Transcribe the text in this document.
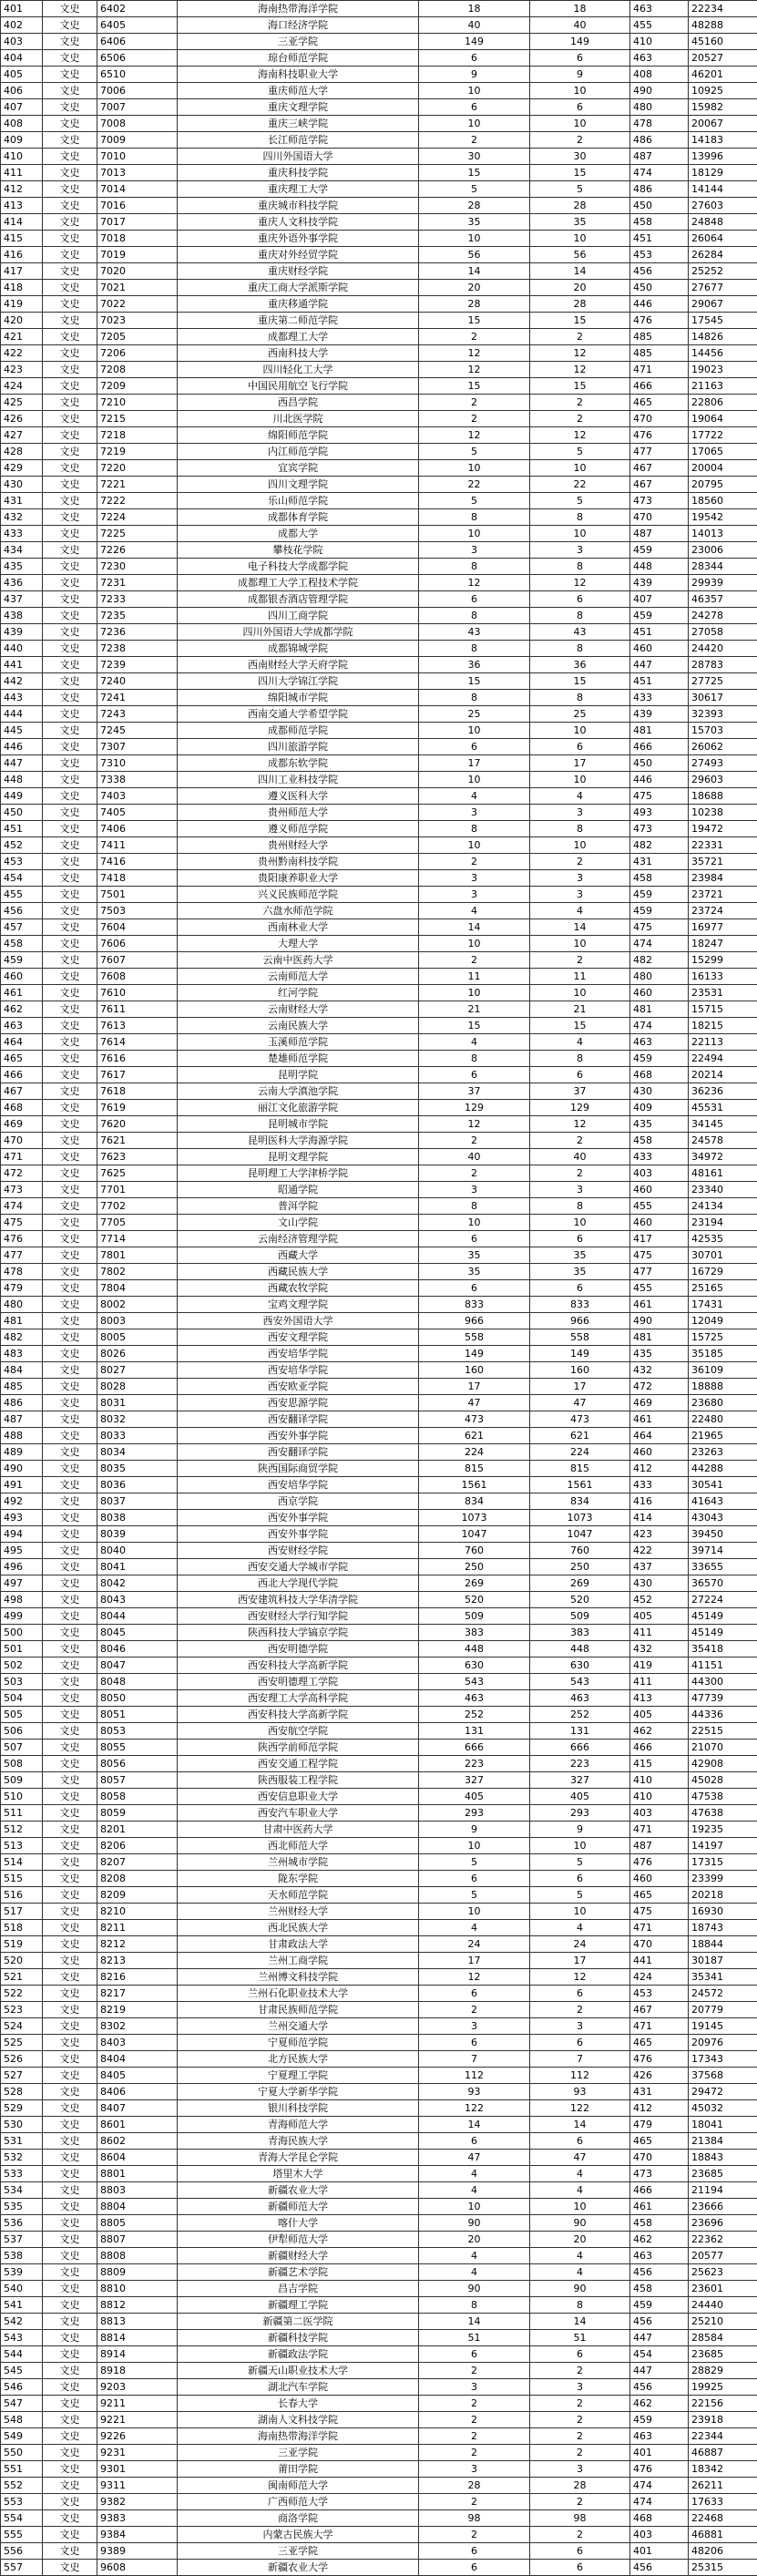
401	文史	6402	海南热带海洋学院	18	18	463	22234
402	文史	6405	海口经济学院	40	40	455	48288
403	文史	6406	三亚学院	149	149	410	45160
404	文史	6506	琼台师范学院	6	6	463	20527
405	文史	6510	海南科技职业大学	9	9	408	46201
406	文史	7006	重庆师范大学	10	10	490	10925
407	文史	7007	重庆文理学院	6	6	480	15982
408	文史	7008	重庆三峡学院	10	10	478	20067
409	文史	7009	长江师范学院	2	2	486	14183
410	文史	7010	四川外国语大学	30	30	487	13996
411	文史	7013	重庆科技学院	15	15	474	18129
412	文史	7014	重庆理工大学	5	5	486	14144
413	文史	7016	重庆城市科技学院	28	28	450	27603
414	文史	7017	重庆人文科技学院	35	35	458	24848
415	文史	7018	重庆外语外事学院	10	10	451	26064
416	文史	7019	重庆对外经贸学院	56	56	453	26284
417	文史	7020	重庆财经学院	14	14	456	25252
418	文史	7021	重庆工商大学派斯学院	20	20	450	27677
419	文史	7022	重庆移通学院	28	28	446	29067
420	文史	7023	重庆第二师范学院	15	15	476	17545
421	文史	7205	成都理工大学	2	2	485	14826
422	文史	7206	西南科技大学	12	12	485	14456
423	文史	7208	四川轻化工大学	12	12	471	19023
424	文史	7209	中国民用航空飞行学院	15	15	466	21163
425	文史	7210	西昌学院	2	2	465	22806
426	文史	7215	川北医学院	2	2	470	19064
427	文史	7218	绵阳师范学院	12	12	476	17722
428	文史	7219	内江师范学院	5	5	477	17065
429	文史	7220	宜宾学院	10	10	467	20004
430	文史	7221	四川文理学院	22	22	467	20795
431	文史	7222	乐山师范学院	5	5	473	18560
432	文史	7224	成都体育学院	8	8	470	19542
433	文史	7225	成都大学	10	10	487	14013
434	文史	7226	攀枝花学院	3	3	459	23006
435	文史	7230	电子科技大学成都学院	8	8	448	28344
436	文史	7231	成都理工大学工程技术学院	12	12	439	29939
437	文史	7233	成都银杏酒店管理学院	6	6	407	46357
438	文史	7235	四川工商学院	8	8	459	24278
439	文史	7236	四川外国语大学成都学院	43	43	451	27058
440	文史	7238	成都锦城学院	8	8	460	24420
441	文史	7239	西南财经大学天府学院	36	36	447	28783
442	文史	7240	四川大学锦江学院	15	15	451	27725
443	文史	7241	绵阳城市学院	8	8	433	30617
444	文史	7243	西南交通大学希望学院	25	25	439	32393
445	文史	7245	成都师范学院	10	10	481	15703
446	文史	7307	四川旅游学院	6	6	466	26062
447	文史	7310	成都东软学院	17	17	450	27493
448	文史	7338	四川工业科技学院	10	10	446	29603
449	文史	7403	遵义医科大学	4	4	475	18688
450	文史	7405	贵州师范大学	3	3	493	10238
451	文史	7406	遵义师范学院	8	8	473	19472
452	文史	7411	贵州财经大学	10	10	482	22331
453	文史	7416	贵州黔南科技学院	2	2	431	35721
454	文史	7418	贵阳康养职业大学	3	3	458	23984
455	文史	7501	兴义民族师范学院	3	3	459	23721
456	文史	7503	六盘水师范学院	4	4	459	23724
457	文史	7604	西南林业大学	14	14	475	16977
458	文史	7606	大理大学	10	10	474	18247
459	文史	7607	云南中医药大学	2	2	482	15299
460	文史	7608	云南师范大学	11	11	480	16133
461	文史	7610	红河学院	10	10	460	23531
462	文史	7611	云南财经大学	21	21	481	15715
463	文史	7613	云南民族大学	15	15	474	18215
464	文史	7614	玉溪师范学院	4	4	463	22113
465	文史	7616	楚雄师范学院	8	8	459	22494
466	文史	7617	昆明学院	6	6	468	20214
467	文史	7618	云南大学滇池学院	37	37	430	36236
468	文史	7619	丽江文化旅游学院	129	129	409	45531
469	文史	7620	昆明城市学院	12	12	435	34145
470	文史	7621	昆明医科大学海源学院	2	2	458	24578
471	文史	7623	昆明文理学院	40	40	433	34972
472	文史	7625	昆明理工大学津桥学院	2	2	403	48161
473	文史	7701	昭通学院	3	3	460	23340
474	文史	7702	普洱学院	8	8	455	24134
475	文史	7705	文山学院	10	10	460	23194
476	文史	7714	云南经济管理学院	6	6	417	42535
477	文史	7801	西藏大学	35	35	475	30701
478	文史	7802	西藏民族大学	35	35	477	16729
479	文史	7804	西藏农牧学院	6	6	455	25165
480	文史	8002	宝鸡文理学院	833	833	461	17431
481	文史	8003	西安外国语大学	966	966	490	12049
482	文史	8005	西安文理学院	558	558	481	15725
483	文史	8026	西安培华学院	149	149	435	35185
484	文史	8027	西安培华学院	160	160	432	36109
485	文史	8028	西安欧亚学院	17	17	472	18888
486	文史	8031	西安思源学院	47	47	469	23680
487	文史	8032	西安翻译学院	473	473	461	22480
488	文史	8033	西安外事学院	621	621	464	21965
489	文史	8034	西安翻译学院	224	224	460	23263
490	文史	8035	陕西国际商贸学院	815	815	412	44288
491	文史	8036	西安培华学院	1561	1561	433	30541
492	文史	8037	西京学院	834	834	416	41643
493	文史	8038	西安外事学院	1073	1073	414	43043
494	文史	8039	西安外事学院	1047	1047	423	39450
495	文史	8040	西安财经学院	760	760	422	39714
496	文史	8041	西安交通大学城市学院	250	250	437	33655
497	文史	8042	西北大学现代学院	269	269	430	36570
498	文史	8043	西安建筑科技大学华清学院	520	520	452	27224
499	文史	8044	西安财经大学行知学院	509	509	405	45149
500	文史	8045	陕西科技大学镐京学院	383	383	411	45149
501	文史	8046	西安明德学院	448	448	432	35418
502	文史	8047	西安科技大学高新学院	630	630	419	41151
503	文史	8048	西安明德理工学院	543	543	411	44300
504	文史	8050	西安理工大学高科学院	463	463	413	47739
505	文史	8051	西安科技大学高新学院	252	252	405	44336
506	文史	8053	西安航空学院	131	131	462	22515
507	文史	8055	陕西学前师范学院	666	666	466	21070
508	文史	8056	西安交通工程学院	223	223	415	42908
509	文史	8057	陕西服装工程学院	327	327	410	45028
510	文史	8058	西安信息职业大学	405	405	410	47538
511	文史	8059	西安汽车职业大学	293	293	403	47638
512	文史	8201	甘肃中医药大学	9	9	471	19235
513	文史	8206	西北师范大学	10	10	487	14197
514	文史	8207	兰州城市学院	5	5	476	17315
515	文史	8208	陇东学院	6	6	460	23399
516	文史	8209	天水师范学院	5	5	465	20218
517	文史	8210	兰州财经大学	10	10	475	16930
518	文史	8211	西北民族大学	4	4	471	18743
519	文史	8212	甘肃政法大学	24	24	470	18844
520	文史	8213	兰州工商学院	17	17	441	30187
521	文史	8216	兰州博文科技学院	12	12	424	35341
522	文史	8217	兰州石化职业技术大学	6	6	453	24572
523	文史	8219	甘肃民族师范学院	2	2	467	20779
524	文史	8302	兰州交通大学	3	3	471	19145
525	文史	8403	宁夏师范学院	6	6	465	20976
526	文史	8404	北方民族大学	7	7	476	17343
527	文史	8405	宁夏理工学院	112	112	426	37568
528	文史	8406	宁夏大学新华学院	93	93	431	29472
529	文史	8407	银川科技学院	122	122	412	45032
530	文史	8601	青海师范大学	14	14	479	18041
531	文史	8602	青海民族大学	6	6	465	21384
532	文史	8604	青海大学昆仑学院	47	47	470	18843
533	文史	8801	塔里木大学	4	4	473	23685
534	文史	8803	新疆农业大学	4	4	466	21194
535	文史	8804	新疆师范大学	10	10	461	23666
536	文史	8805	喀什大学	90	90	458	23696
537	文史	8807	伊犁师范大学	20	20	462	22362
538	文史	8808	新疆财经大学	4	4	463	20577
539	文史	8809	新疆艺术学院	4	4	456	25623
540	文史	8810	昌吉学院	90	90	458	23601
541	文史	8812	新疆理工学院	8	8	459	24440
542	文史	8813	新疆第二医学院	14	14	456	25210
543	文史	8814	新疆科技学院	51	51	447	28584
544	文史	8914	新疆政法学院	6	6	454	23685
545	文史	8918	新疆天山职业技术大学	2	2	447	28829
546	文史	9203	湖北汽车学院	3	3	456	19925
547	文史	9211	长春大学	2	2	462	22156
548	文史	9221	湖南人文科技学院	2	2	459	23918
549	文史	9226	海南热带海洋学院	2	2	463	22344
550	文史	9231	三亚学院	2	2	401	46887
551	文史	9301	莆田学院	3	3	476	18342
552	文史	9311	闽南师范大学	28	28	474	26211
553	文史	9382	广西师范大学	2	2	474	17633
554	文史	9383	商洛学院	98	98	468	22468
555	文史	9384	内蒙古民族大学	2	2	403	46881
556	文史	9389	三亚学院	6	6	401	48206
557	文史	9608	新疆农业大学	6	6	456	25315
